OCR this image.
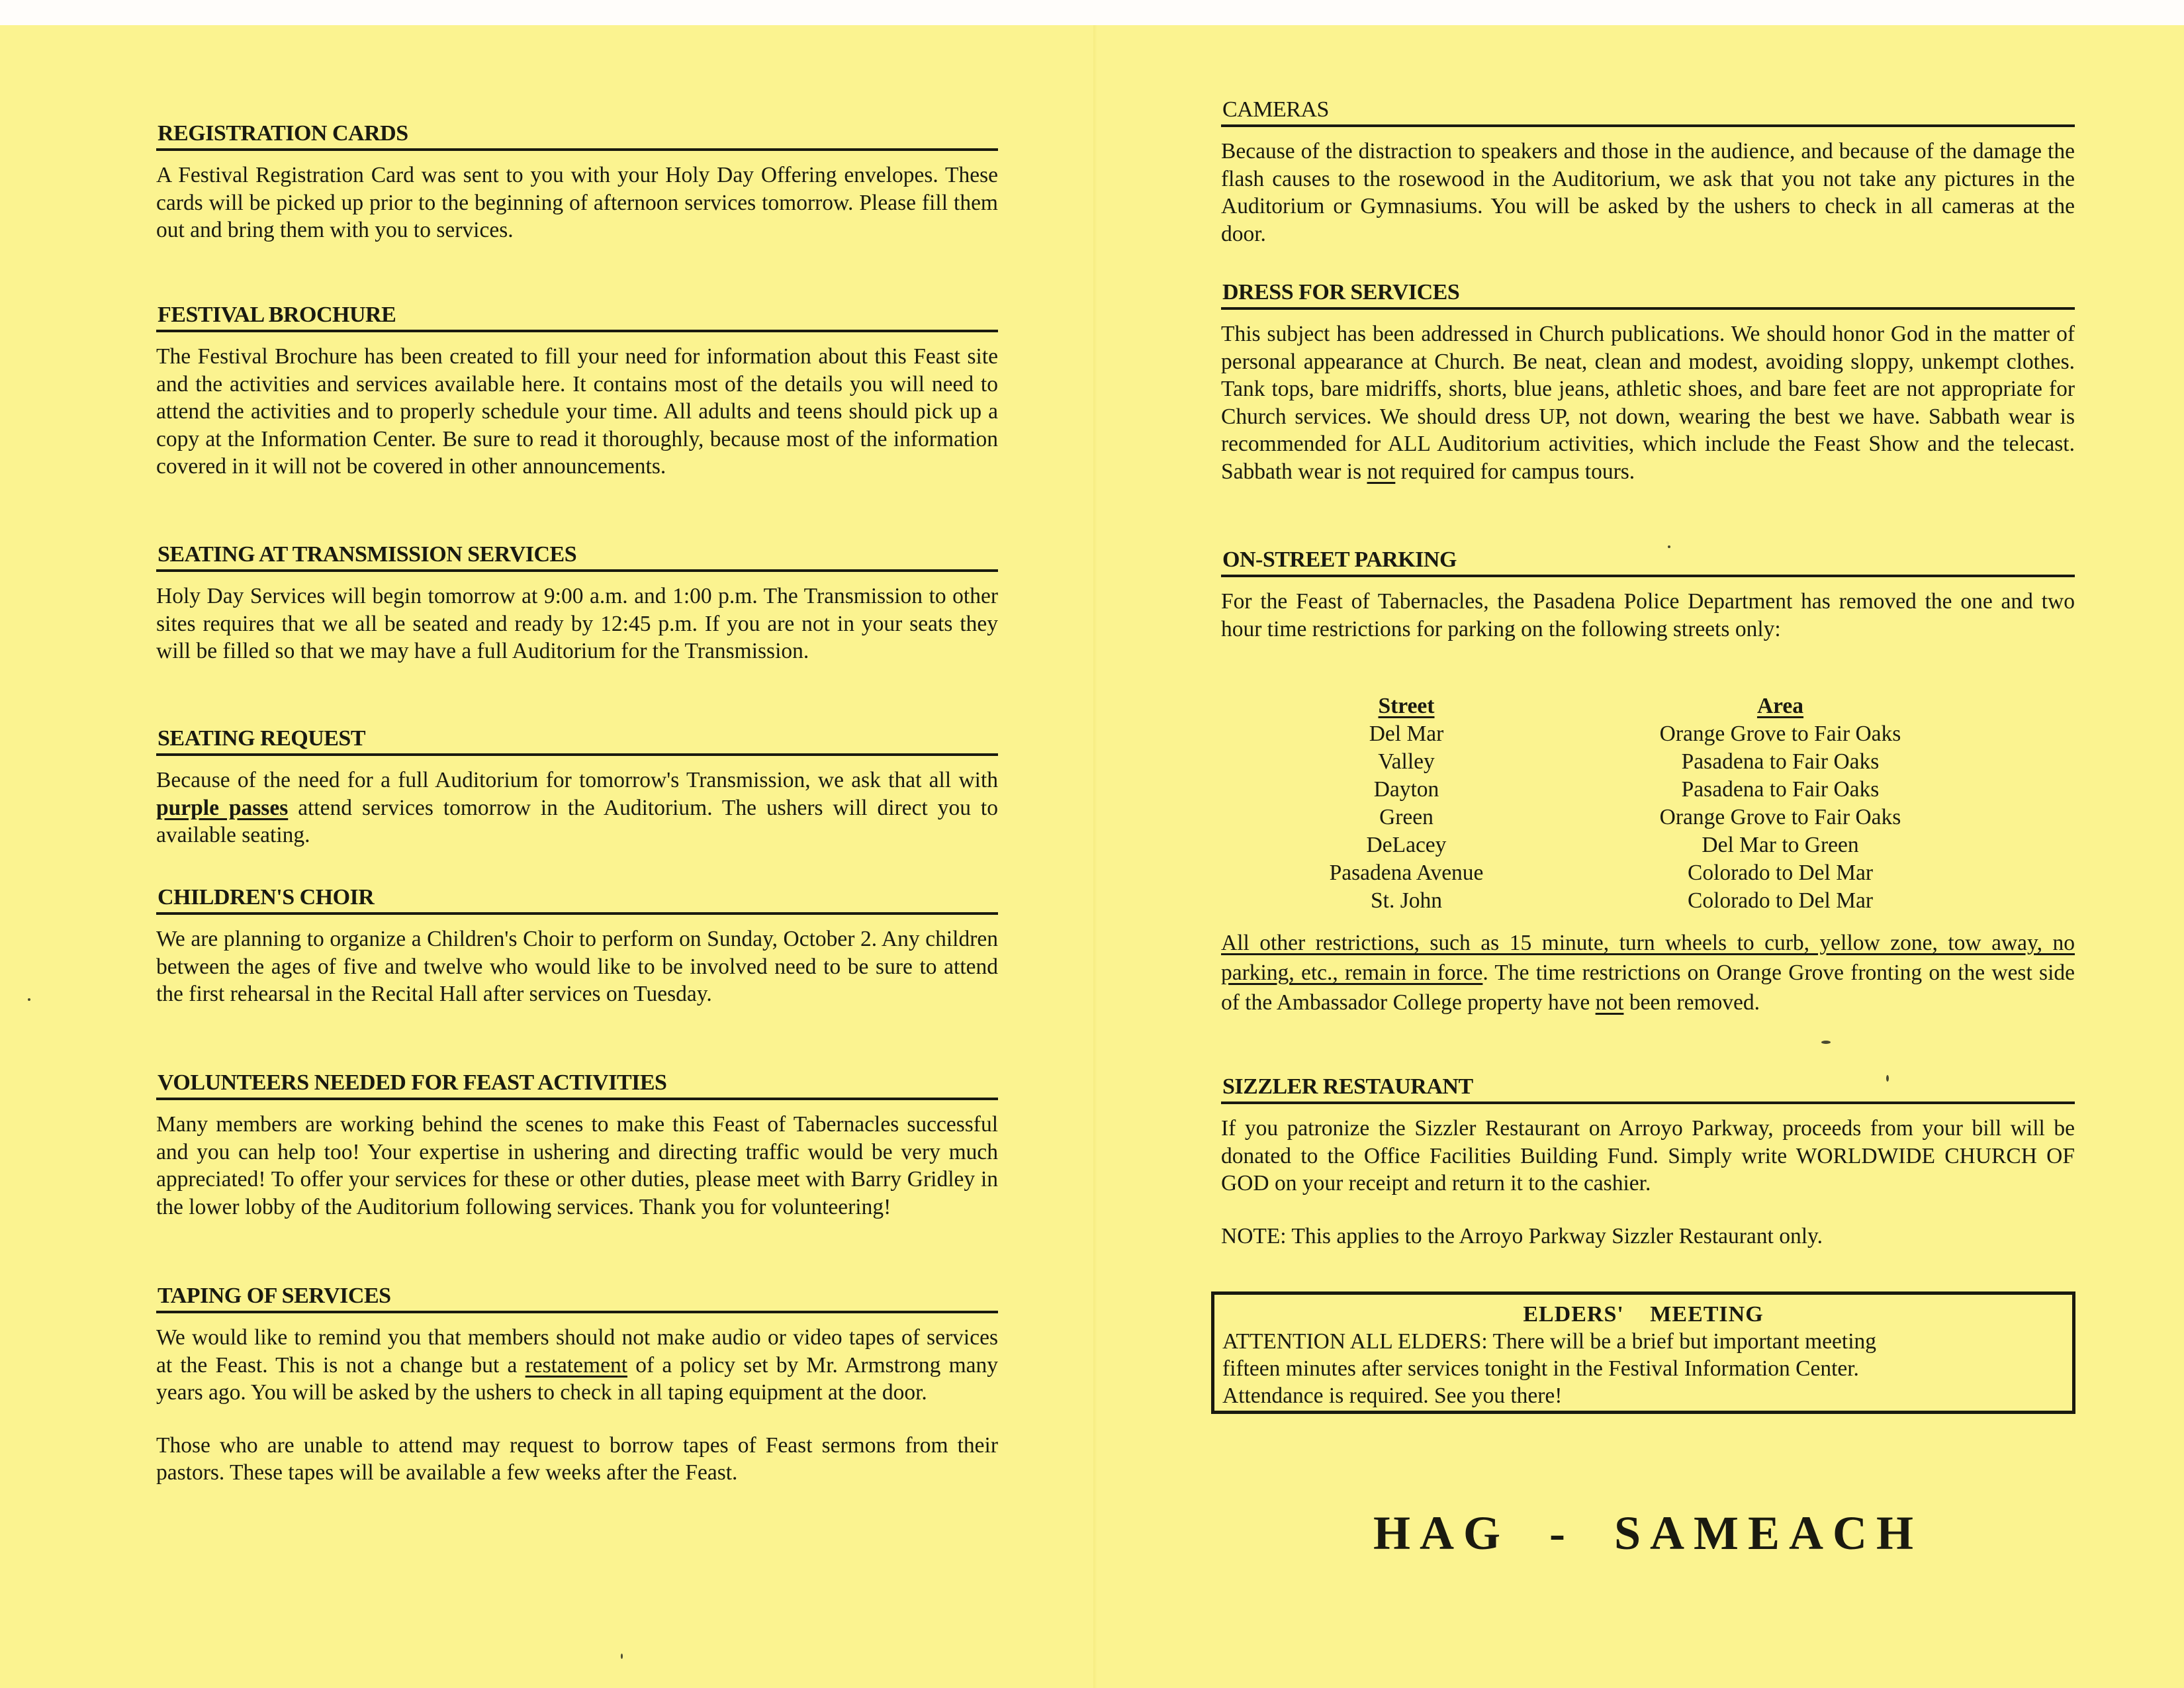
REGISTRATION CARDS
A Festival Registration Card was sent to you with your Holy Day Offering envelopes. These cards will be picked up prior to the beginning of afternoon services tomorrow. Please fill them out and bring them with you to services.
FESTIVAL BROCHURE
The Festival Brochure has been created to fill your need for information about this Feast site and the activities and services available here. It contains most of the details you will need to attend the activities and to properly schedule your time. All adults and teens should pick up a copy at the Information Center. Be sure to read it thoroughly, because most of the information covered in it will not be covered in other announcements.
SEATING AT TRANSMISSION SERVICES
Holy Day Services will begin tomorrow at 9:00 a.m. and 1:00 p.m. The Transmission to other sites requires that we all be seated and ready by 12:45 p.m. If you are not in your seats they will be filled so that we may have a full Auditorium for the Transmission.
SEATING REQUEST
Because of the need for a full Auditorium for tomorrow's Transmission, we ask that all with purple passes attend services tomorrow in the Auditorium. The ushers will direct you to available seating.
CHILDREN'S CHOIR
We are planning to organize a Children's Choir to perform on Sunday, October 2. Any children between the ages of five and twelve who would like to be involved need to be sure to attend the first rehearsal in the Recital Hall after services on Tuesday.
VOLUNTEERS NEEDED FOR FEAST ACTIVITIES
Many members are working behind the scenes to make this Feast of Tabernacles successful and you can help too! Your expertise in ushering and directing traffic would be very much appreciated! To offer your services for these or other duties, please meet with Barry Gridley in the lower lobby of the Auditorium following services. Thank you for volunteering!
TAPING OF SERVICES
We would like to remind you that members should not make audio or video tapes of services at the Feast. This is not a change but a restatement of a policy set by Mr. Armstrong many years ago. You will be asked by the ushers to check in all taping equipment at the door.
Those who are unable to attend may request to borrow tapes of Feast sermons from their pastors. These tapes will be available a few weeks after the Feast.
CAMERAS
Because of the distraction to speakers and those in the audience, and because of the damage the flash causes to the rosewood in the Auditorium, we ask that you not take any pictures in the Auditorium or Gymnasiums. You will be asked by the ushers to check in all cameras at the door.
DRESS FOR SERVICES
This subject has been addressed in Church publications. We should honor God in the matter of personal appearance at Church. Be neat, clean and modest, avoiding sloppy, unkempt clothes. Tank tops, bare midriffs, shorts, blue jeans, athletic shoes, and bare feet are not appropriate for Church services. We should dress UP, not down, wearing the best we have. Sabbath wear is recommended for ALL Auditorium activities, which include the Feast Show and the telecast. Sabbath wear is not required for campus tours.
ON-STREET PARKING
For the Feast of Tabernacles, the Pasadena Police Department has removed the one and two hour time restrictions for parking on the following streets only:
Street	Area
Del Mar	Orange Grove to Fair Oaks
Valley	Pasadena to Fair Oaks
Dayton	Pasadena to Fair Oaks
Green	Orange Grove to Fair Oaks
DeLacey	Del Mar to Green
Pasadena Avenue	Colorado to Del Mar
St. John	Colorado to Del Mar
All other restrictions, such as 15 minute, turn wheels to curb, yellow zone, tow away, no parking, etc., remain in force. The time restrictions on Orange Grove fronting on the west side of the Ambassador College property have not been removed.
SIZZLER RESTAURANT
If you patronize the Sizzler Restaurant on Arroyo Parkway, proceeds from your bill will be donated to the Office Facilities Building Fund. Simply write WORLDWIDE CHURCH OF GOD on your receipt and return it to the cashier.
NOTE: This applies to the Arroyo Parkway Sizzler Restaurant only.
ELDERS' MEETING
ATTENTION ALL ELDERS: There will be a brief but important meeting
fifteen minutes after services tonight in the Festival Information Center.
Attendance is required. See you there!
HAG - SAMEACH
